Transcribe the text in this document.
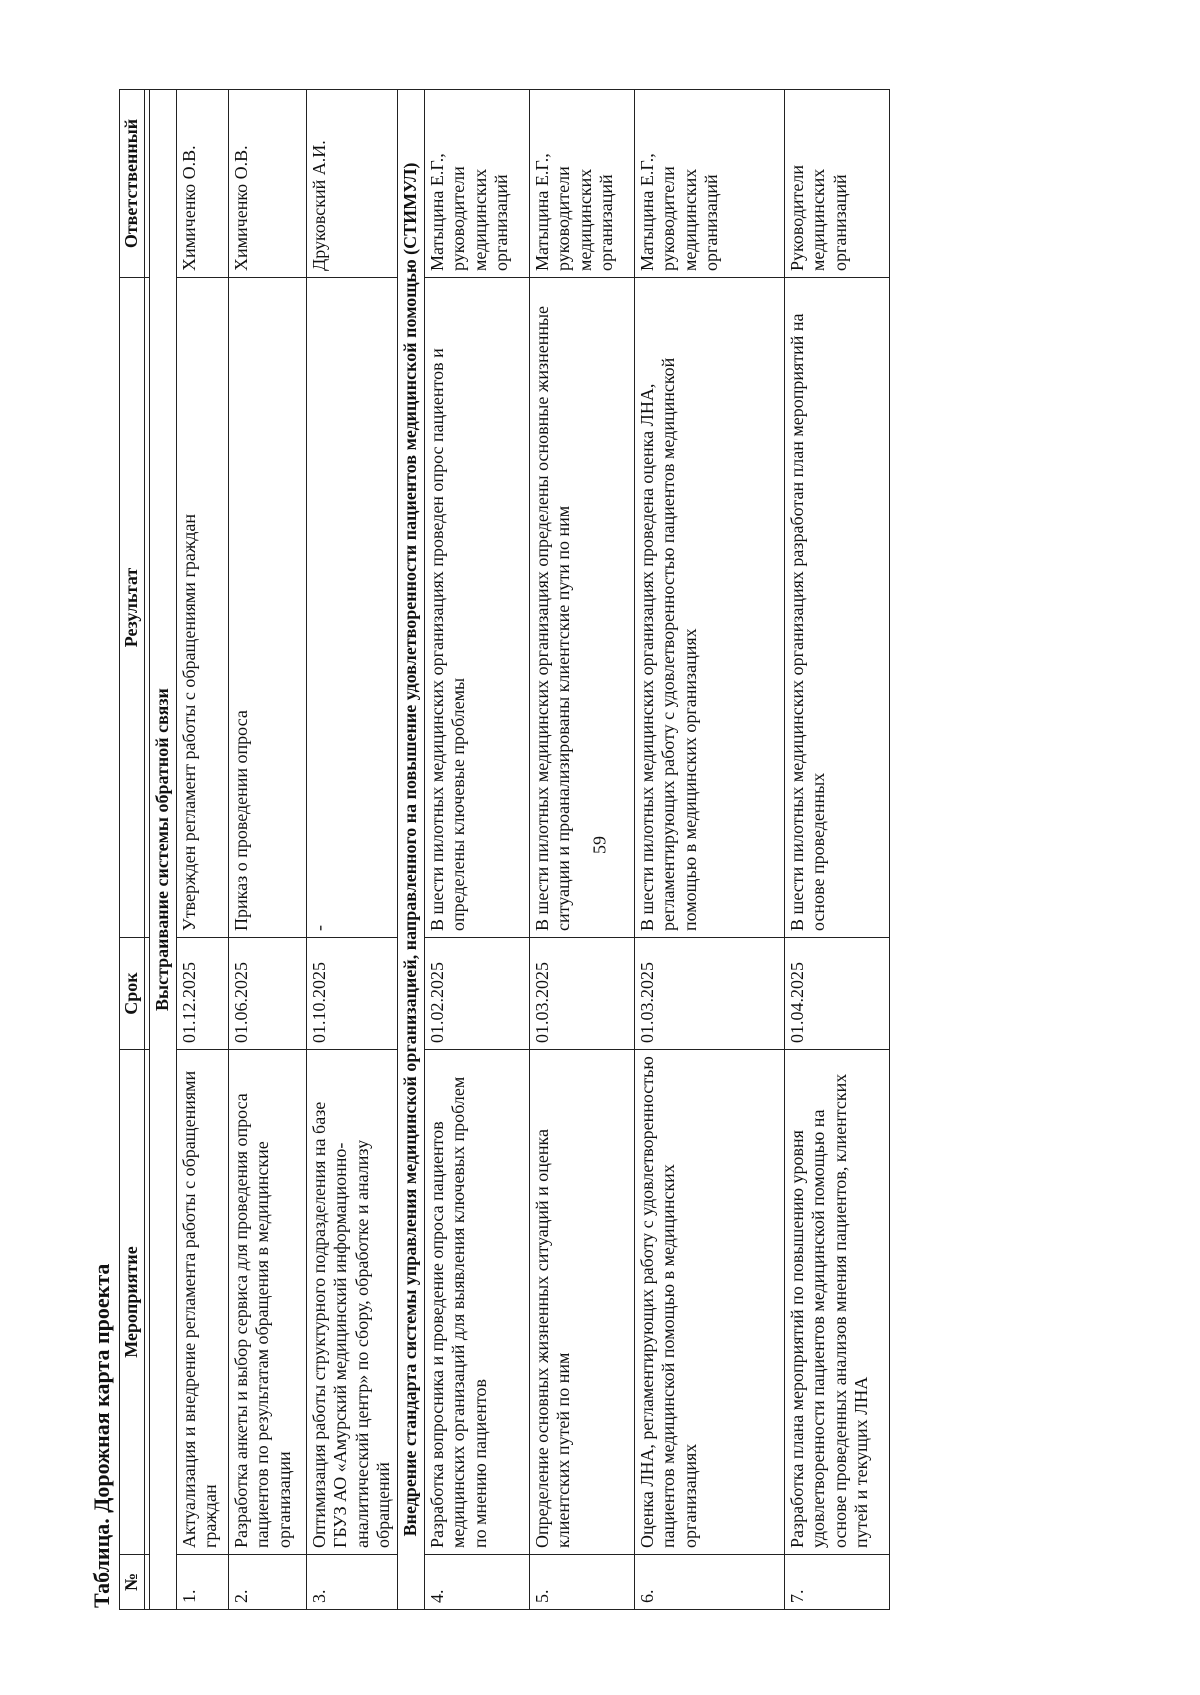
59
Таблица. Дорожная карта проекта №	Мероприятие	Срок	Результат	Ответственный

Выстраивание системы обратной связи				
1.	Актуализация и внедрение регламента работы с обращениями граждан	01.12.2025	Утвержден регламент работы с обращениями граждан	Химиченко О.В.
2.	Разработка анкеты и выбор сервиса для проведения опроса пациентов по результатам обращения в медицинские организации	01.06.2025	Приказ о проведении опроса	Химиченко О.В.
3.	Оптимизация работы структурного подразделения на базе ГБУЗ АО «Амурский медицинский информационно-аналитический центр» по сбору, обработке и анализу обращений	01.10.2025	-	Друковский А.И.
Внедрение стандарта системы управления медицинской организацией, направленного на повышение удовлетворенности пациентов медицинской помощью (СТИМУЛ)				
4.	Разработка вопросника и проведение опроса пациентов медицинских организаций для выявления ключевых проблем по мнению пациентов	01.02.2025	В шести пилотных медицинских организациях проведен опрос пациентов и определены ключевые проблемы	Матыцина Е.Г., руководители медицинских организаций
5.	Определение основных жизненных ситуаций и оценка клиентских путей по ним	01.03.2025	В шести пилотных медицинских организациях определены основные жизненные ситуации и проанализированы клиентские пути по ним	Матыцина Е.Г., руководители медицинских организаций
6.	Оценка ЛНА, регламентирующих работу с удовлетворенностью пациентов медицинской помощью в медицинских организациях	01.03.2025	В шести пилотных медицинских организациях проведена оценка ЛНА, регламентирующих работу с удовлетворенностью пациентов медицинской помощью в медицинских организациях	Матыцина Е.Г., руководители медицинских организаций
7.	Разработка плана мероприятий по повышению уровня удовлетворенности пациентов медицинской помощью на основе проведенных анализов мнения пациентов, клиентских путей и текущих ЛНА	01.04.2025	В шести пилотных медицинских организациях разработан план мероприятий на основе проведенных	Руководители медицинских организаций
